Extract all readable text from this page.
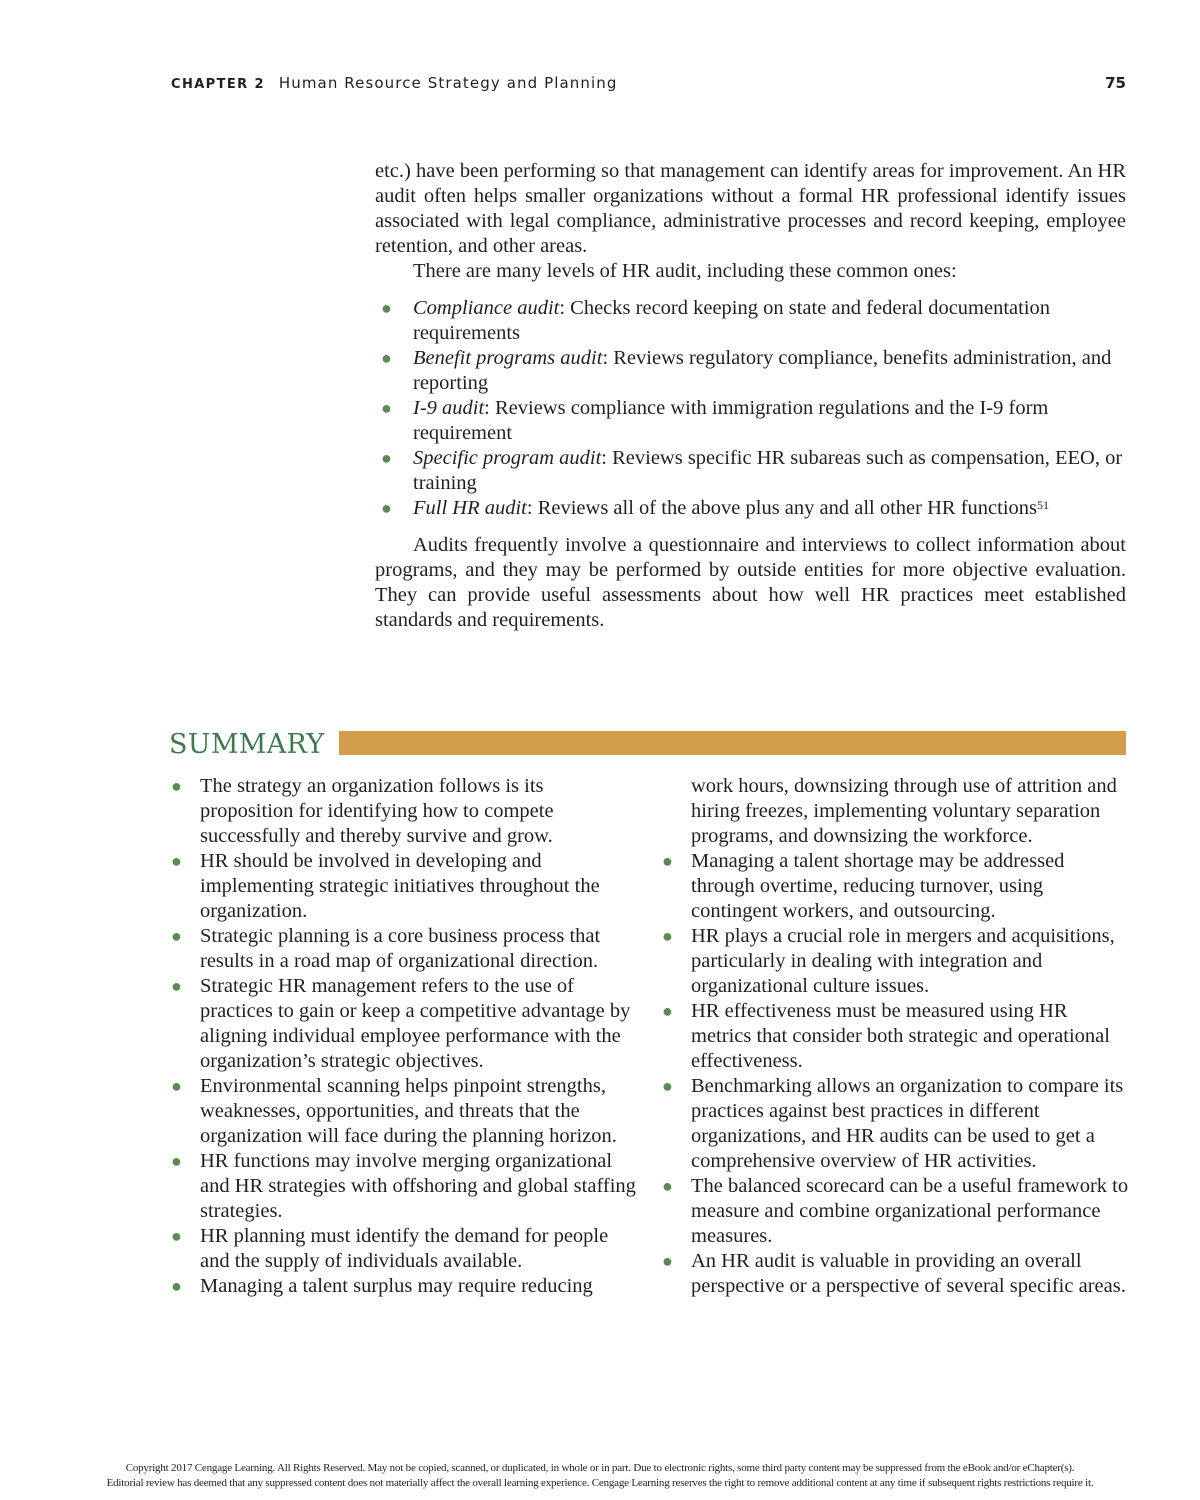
CHAPTER 2 Human Resource Strategy and Planning	75

etc.) have been performing so that management can identify areas for improvement. An HR audit often helps smaller organizations without a formal HR professional identify issues associated with legal compliance, administrative processes and record keeping, employee retention, and other areas.

There are many levels of HR audit, including these common ones:

● Compliance audit: Checks record keeping on state and federal documentation requirements
● Benefit programs audit: Reviews regulatory compliance, benefits administration, and reporting
● I-9 audit: Reviews compliance with immigration regulations and the I-9 form requirement
● Specific program audit: Reviews specific HR subareas such as compensation, EEO, or training
● Full HR audit: Reviews all of the above plus any and all other HR functions$^{51}$

Audits frequently involve a questionnaire and interviews to collect information about programs, and they may be performed by outside entities for more objective evaluation. They can provide useful assessments about how well HR practices meet established standards and requirements.

SUMMARY
● The strategy an organization follows is its proposition for identifying how to compete successfully and thereby survive and grow.
● HR should be involved in developing and implementing strategic initiatives throughout the organization.
● Strategic planning is a core business process that results in a road map of organizational direction.
● Strategic HR management refers to the use of practices to gain or keep a competitive advantage by aligning individual employee performance with the organization’s strategic objectives.
● Environmental scanning helps pinpoint strengths, weaknesses, opportunities, and threats that the organization will face during the planning horizon.
● HR functions may involve merging organizational and HR strategies with offshoring and global staffing strategies.
● HR planning must identify the demand for people and the supply of individuals available.
● Managing a talent surplus may require reducing
work hours, downsizing through use of attrition and hiring freezes, implementing voluntary separation programs, and downsizing the workforce.
● Managing a talent shortage may be addressed through overtime, reducing turnover, using contingent workers, and outsourcing.
● HR plays a crucial role in mergers and acquisitions, particularly in dealing with integration and organizational culture issues.
● HR effectiveness must be measured using HR metrics that consider both strategic and operational effectiveness.
● Benchmarking allows an organization to compare its practices against best practices in different organizations, and HR audits can be used to get a comprehensive overview of HR activities.
● The balanced scorecard can be a useful framework to measure and combine organizational performance measures.
● An HR audit is valuable in providing an overall perspective or a perspective of several specific areas.
Copyright 2017 Cengage Learning. All Rights Reserved. May not be copied, scanned, or duplicated, in whole or in part. Due to electronic rights, some third party content may be suppressed from the eBook and/or eChapter(s).
Editorial review has deemed that any suppressed content does not materially affect the overall learning experience. Cengage Learning reserves the right to remove additional content at any time if subsequent rights restrictions require it.
